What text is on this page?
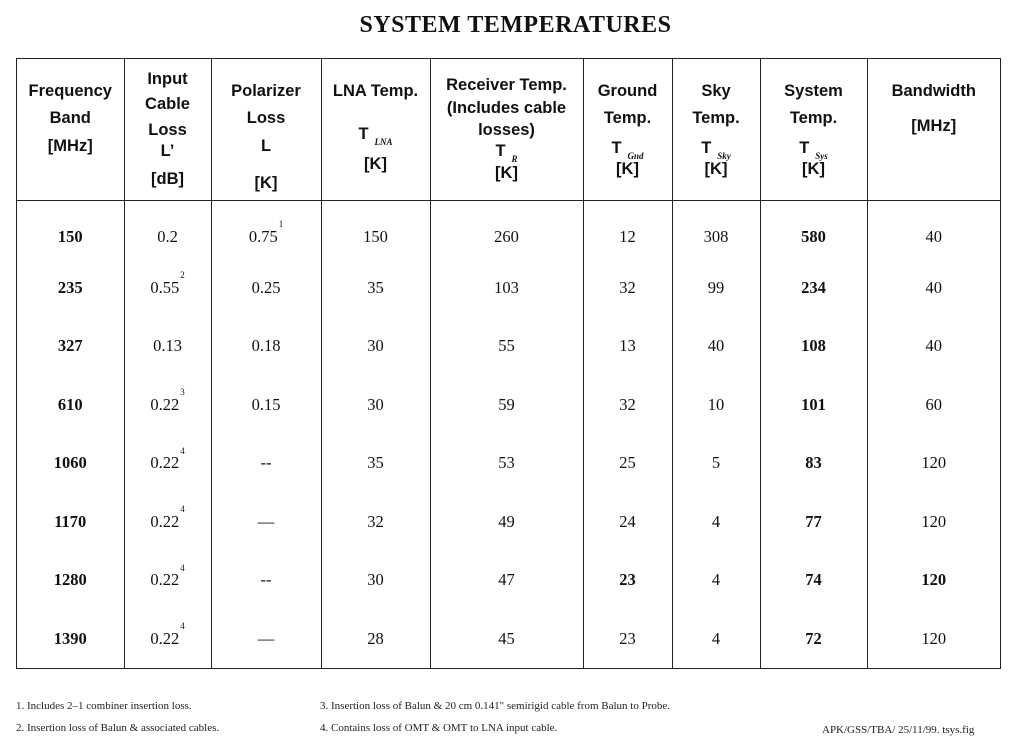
SYSTEM TEMPERATURES
Frequency
Band
[MHz]	Input
Cable
Loss
L’
[dB]	Polarizer
Loss
L
[K]	LNA Temp.
T $_{LNA}$
[K]	Receiver Temp.
(Includes cable
losses)
T $_R$
[K]	Ground
Temp.
T $_{Gnd}$
[K]	Sky
Temp.
T $_{Sky}$
[K]	System
Temp.
T $_{Sys}$
[K]	Bandwidth
[MHz]

150	0.2	0.75$^1$	150	260	12	308	580	40
235	0.55$^2$	0.25	35	103	32	99	234	40
327	0.13	0.18	30	55	13	40	108	40
610	0.22$^3$	0.15	30	59	32	10	101	60
1060	0.22$^4$	--	35	53	25	5	83	120
1170	0.22$^4$	—	32	49	24	4	77	120
1280	0.22$^4$	--	30	47	23	4	74	120
1390	0.22$^4$	—	28	45	23	4	72	120
1. Includes 2–1 combiner insertion loss.
2. Insertion loss of Balun & associated cables.
3. Insertion loss of Balun & 20 cm 0.141" semirigid cable from Balun to Probe.
4. Contains loss of OMT & OMT to LNA input cable.	APK/GSS/TBA/ 25/11/99. tsys.fig
